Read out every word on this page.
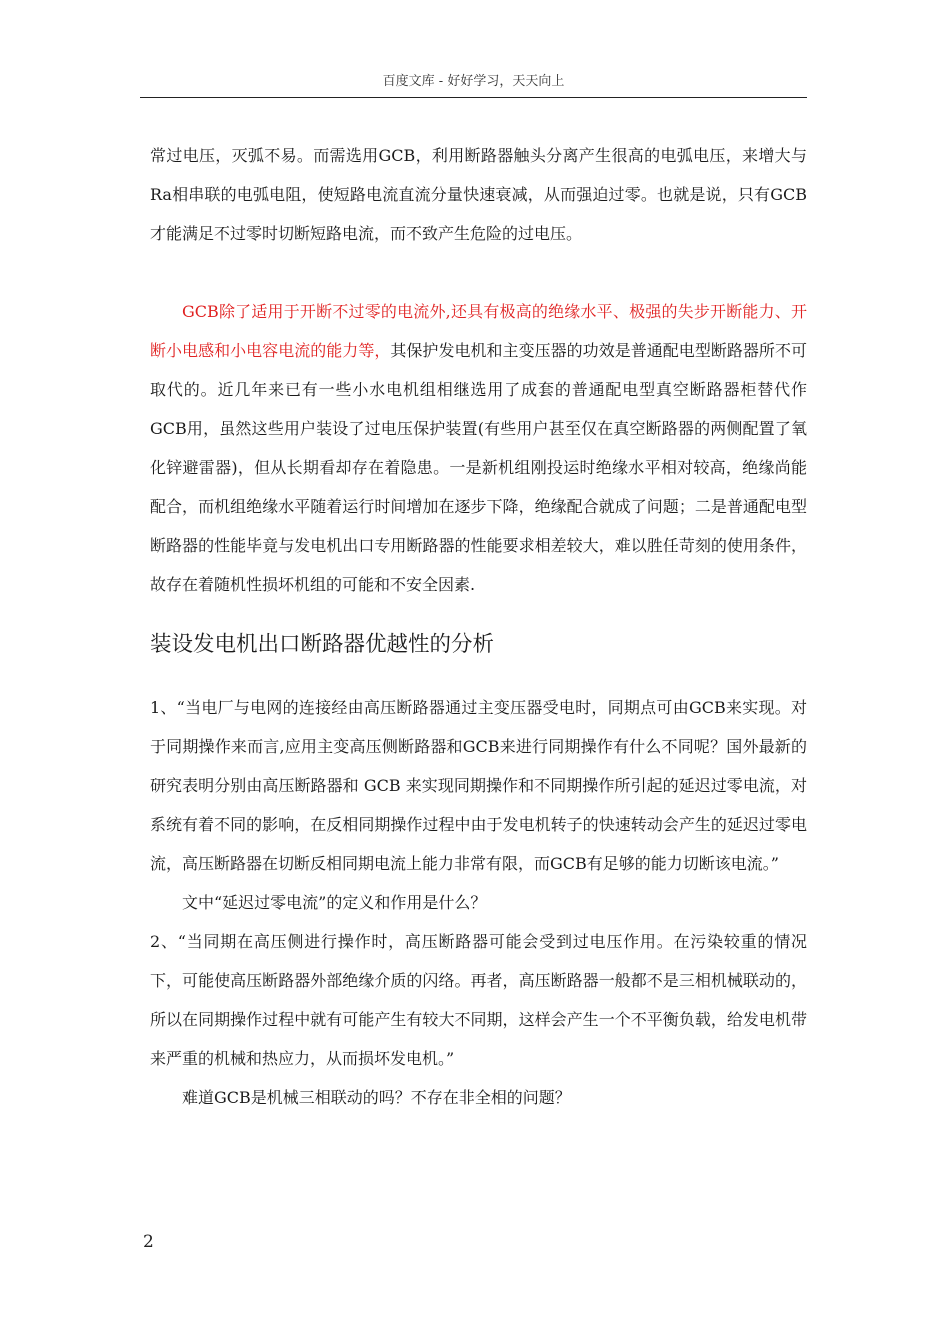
百度文库 - 好好学习，天天向上

常过电压，灭弧不易。而需选用GCB，利用断路器触头分离产生很高的电弧电压，来增大与Ra相串联的电弧电阻，使短路电流直流分量快速衰减，从而强迫过零。也就是说，只有GCB才能满足不过零时切断短路电流，而不致产生危险的过电压。

GCB除了适用于开断不过零的电流外,还具有极高的绝缘水平、极强的失步开断能力、开断小电感和小电容电流的能力等，其保护发电机和主变压器的功效是普通配电型断路器所不可取代的。近几年来已有一些小水电机组相继选用了成套的普通配电型真空断路器柜替代作GCB用，虽然这些用户装设了过电压保护装置(有些用户甚至仅在真空断路器的两侧配置了氧化锌避雷器)，但从长期看却存在着隐患。一是新机组刚投运时绝缘水平相对较高，绝缘尚能配合，而机组绝缘水平随着运行时间增加在逐步下降，绝缘配合就成了问题；二是普通配电型断路器的性能毕竟与发电机出口专用断路器的性能要求相差较大，难以胜任苛刻的使用条件，故存在着随机性损坏机组的可能和不安全因素.

装设发电机出口断路器优越性的分析

1、“当电厂与电网的连接经由高压断路器通过主变压器受电时，同期点可由GCB来实现。对于同期操作来而言,应用主变高压侧断路器和GCB来进行同期操作有什么不同呢？国外最新的研究表明分别由高压断路器和 GCB 来实现同期操作和不同期操作所引起的延迟过零电流，对系统有着不同的影响，在反相同期操作过程中由于发电机转子的快速转动会产生的延迟过零电流，高压断路器在切断反相同期电流上能力非常有限，而GCB有足够的能力切断该电流。”

文中“延迟过零电流”的定义和作用是什么？

2、“当同期在高压侧进行操作时，高压断路器可能会受到过电压作用。在污染较重的情况下，可能使高压断路器外部绝缘介质的闪络。再者，高压断路器一般都不是三相机械联动的，所以在同期操作过程中就有可能产生有较大不同期，这样会产生一个不平衡负载，给发电机带来严重的机械和热应力，从而损坏发电机。”

难道GCB是机械三相联动的吗？不存在非全相的问题？

2
